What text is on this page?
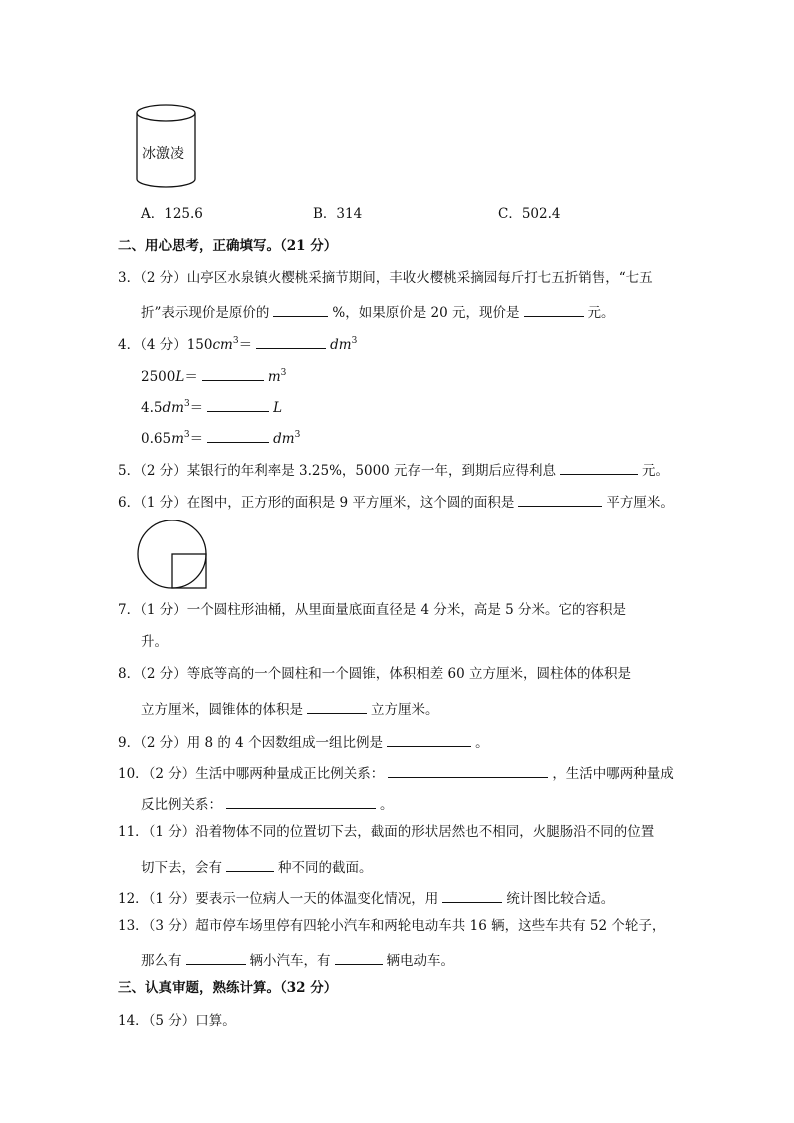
冰激凌
A．125.6	B．314	C．502.4
二、用心思考，正确填写。（21 分）
3．（2 分）山亭区水泉镇火樱桃采摘节期间，丰收火樱桃采摘园每斤打七五折销售，“七五
折”表示现价是原价的	%，如果原价是 20 元，现价是	元。
4．（4 分）$150cm^3=$	$dm^3$
2500L＝	$m^3$
$4.5dm^3=$	L
$0.65m^3=$	$dm^3$
5．（2 分）某银行的年利率是 3.25%，5000 元存一年，到期后应得利息	元。
6．（1 分）在图中，正方形的面积是 9 平方厘米，这个圆的面积是	平方厘米。
7．（1 分）一个圆柱形油桶，从里面量底面直径是 4 分米，高是 5 分米。它的容积是
升。
8．（2 分）等底等高的一个圆柱和一个圆锥，体积相差 60 立方厘米，圆柱体的体积是
立方厘米，圆锥体的体积是	立方厘米。
9．（2 分）用 8 的 4 个因数组成一组比例是	。
10．（2 分）生活中哪两种量成正比例关系：	，生活中哪两种量成
反比例关系：	。
11．（1 分）沿着物体不同的位置切下去，截面的形状居然也不相同，火腿肠沿不同的位置
切下去，会有	种不同的截面。
12．（1 分）要表示一位病人一天的体温变化情况，用	统计图比较合适。
13．（3 分）超市停车场里停有四轮小汽车和两轮电动车共 16 辆，这些车共有 52 个轮子，
那么有	辆小汽车，有	辆电动车。
三、认真审题，熟练计算。（32 分）
14．（5 分）口算。
